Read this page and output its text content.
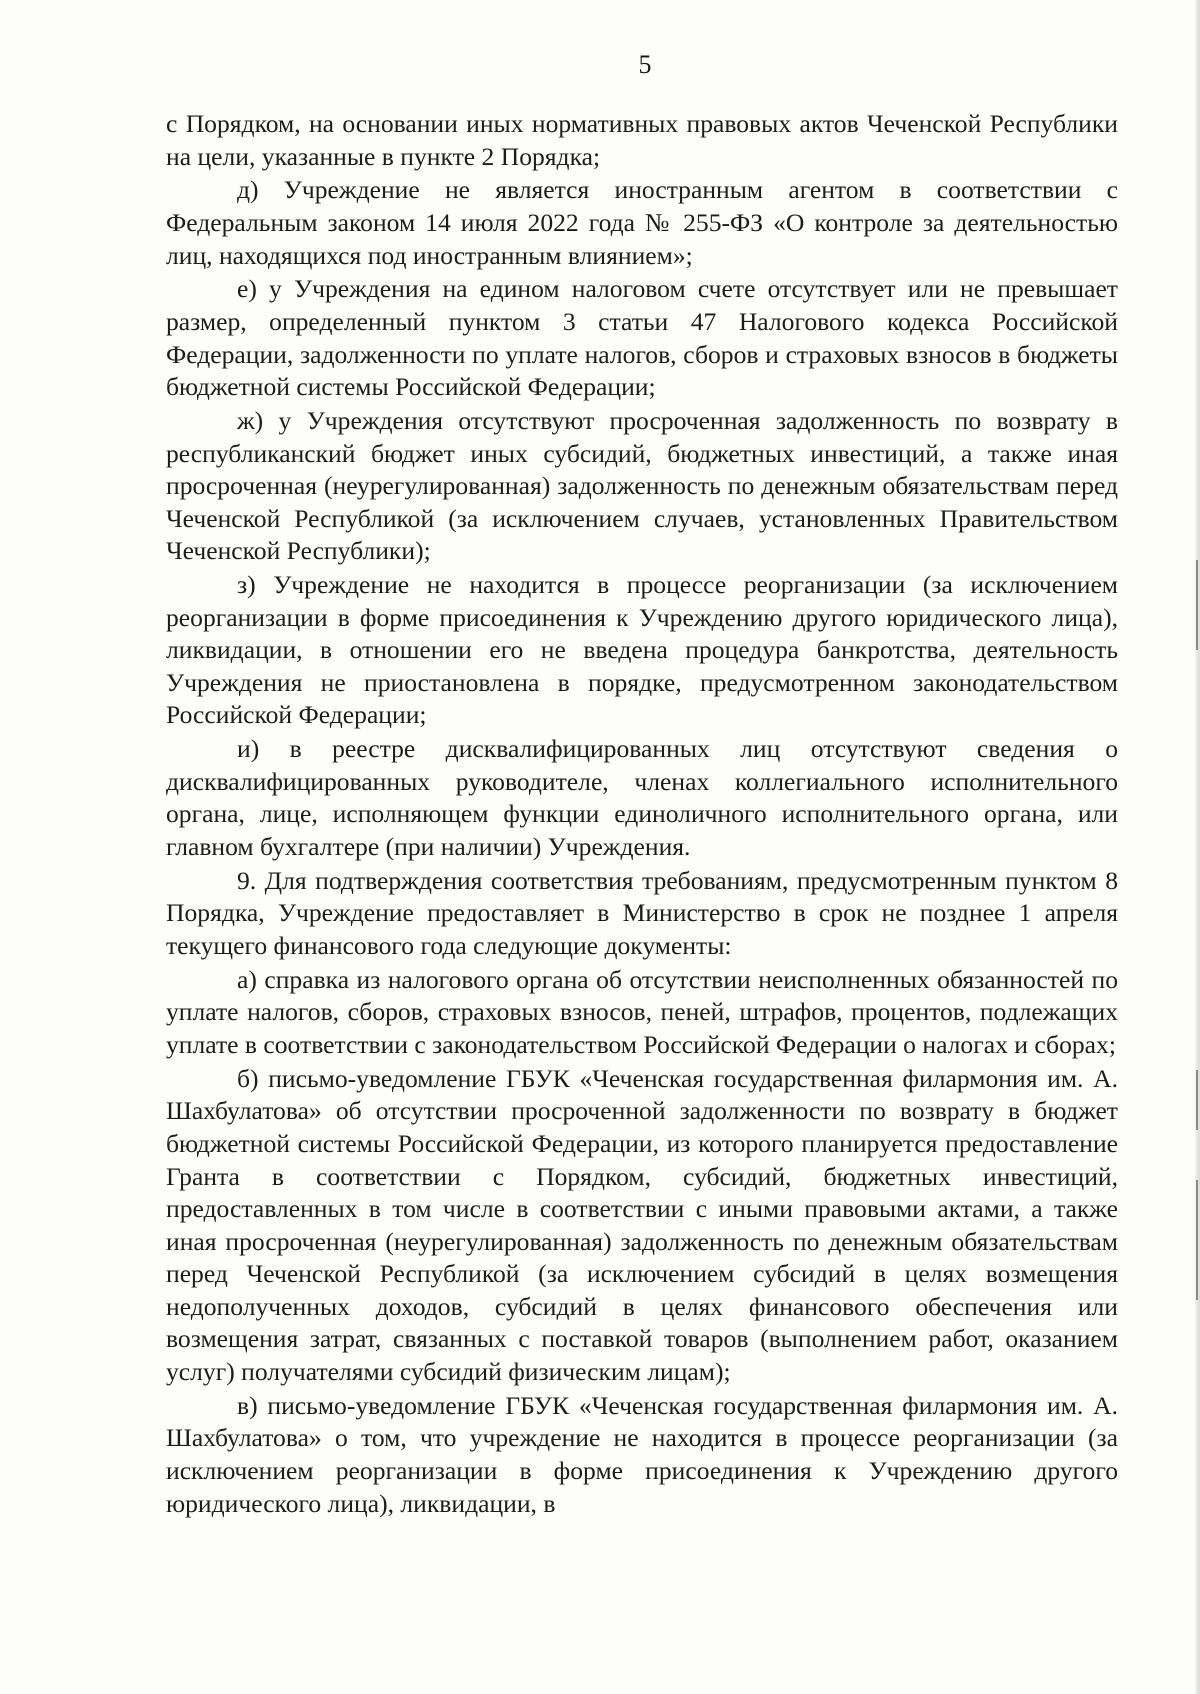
5

с Порядком, на основании иных нормативных правовых актов Чеченской Республики на цели, указанные в пункте 2 Порядка;

д) Учреждение не является иностранным агентом в соответствии с Федеральным законом 14 июля 2022 года № 255-ФЗ «О контроле за деятельностью лиц, находящихся под иностранным влиянием»;

е) у Учреждения на едином налоговом счете отсутствует или не превышает размер, определенный пунктом 3 статьи 47 Налогового кодекса Российской Федерации, задолженности по уплате налогов, сборов и страховых взносов в бюджеты бюджетной системы Российской Федерации;

ж) у Учреждения отсутствуют просроченная задолженность по возврату в республиканский бюджет иных субсидий, бюджетных инвестиций, а также иная просроченная (неурегулированная) задолженность по денежным обязательствам перед Чеченской Республикой (за исключением случаев, установленных Правительством Чеченской Республики);

з) Учреждение не находится в процессе реорганизации (за исключением реорганизации в форме присоединения к Учреждению другого юридического лица), ликвидации, в отношении его не введена процедура банкротства, деятельность Учреждения не приостановлена в порядке, предусмотренном законодательством Российской Федерации;

и) в реестре дисквалифицированных лиц отсутствуют сведения о дисквалифицированных руководителе, членах коллегиального исполнительного органа, лице, исполняющем функции единоличного исполнительного органа, или главном бухгалтере (при наличии) Учреждения.

9. Для подтверждения соответствия требованиям, предусмотренным пунктом 8 Порядка, Учреждение предоставляет в Министерство в срок не позднее 1 апреля текущего финансового года следующие документы:

а) справка из налогового органа об отсутствии неисполненных обязанностей по уплате налогов, сборов, страховых взносов, пеней, штрафов, процентов, подлежащих уплате в соответствии с законодательством Российской Федерации о налогах и сборах;

б) письмо-уведомление ГБУК «Чеченская государственная филармония им. А. Шахбулатова» об отсутствии просроченной задолженности по возврату в бюджет бюджетной системы Российской Федерации, из которого планируется предоставление Гранта в соответствии с Порядком, субсидий, бюджетных инвестиций, предоставленных в том числе в соответствии с иными правовыми актами, а также иная просроченная (неурегулированная) задолженность по денежным обязательствам перед Чеченской Республикой (за исключением субсидий в целях возмещения недополученных доходов, субсидий в целях финансового обеспечения или возмещения затрат, связанных с поставкой товаров (выполнением работ, оказанием услуг) получателями субсидий физическим лицам);

в) письмо-уведомление ГБУК «Чеченская государственная филармония им. А. Шахбулатова» о том, что учреждение не находится в процессе реорганизации (за исключением реорганизации в форме присоединения к Учреждению другого юридического лица), ликвидации, в
